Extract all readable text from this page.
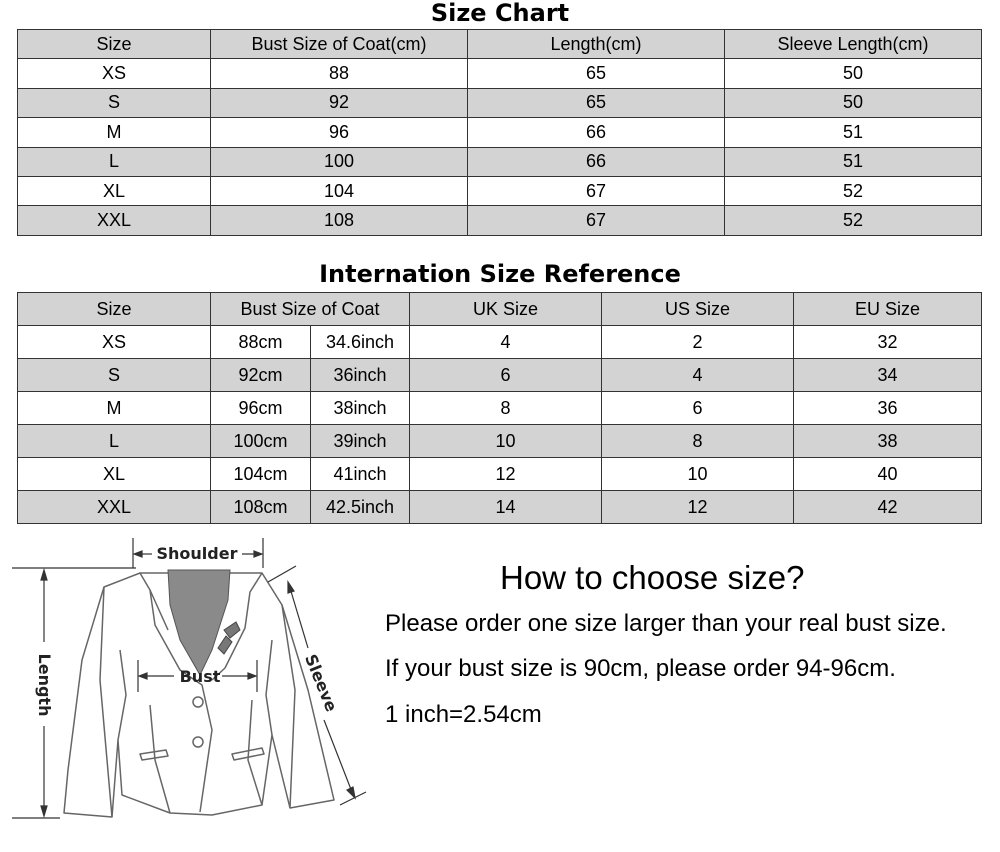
Size Chart
Size	Bust Size of Coat(cm)	Length(cm)	Sleeve Length(cm)
XS	88	65	50
S	92	65	50
M	96	66	51
L	100	66	51
XL	104	67	52
XXL	108	67	52
Internation Size Reference
Size	Bust Size of Coat		UK Size	US Size	EU Size
XS	88cm	34.6inch	4	2	32
S	92cm	36inch	6	4	34
M	96cm	38inch	8	6	36
L	100cm	39inch	10	8	38
XL	104cm	41inch	12	10	40
XXL	108cm	42.5inch	14	12	42
Shoulder
Bust
Length	Sleeve
How to choose size?
Please order one size larger than your real bust size.
If your bust size is 90cm, please order 94-96cm.
1 inch=2.54cm
